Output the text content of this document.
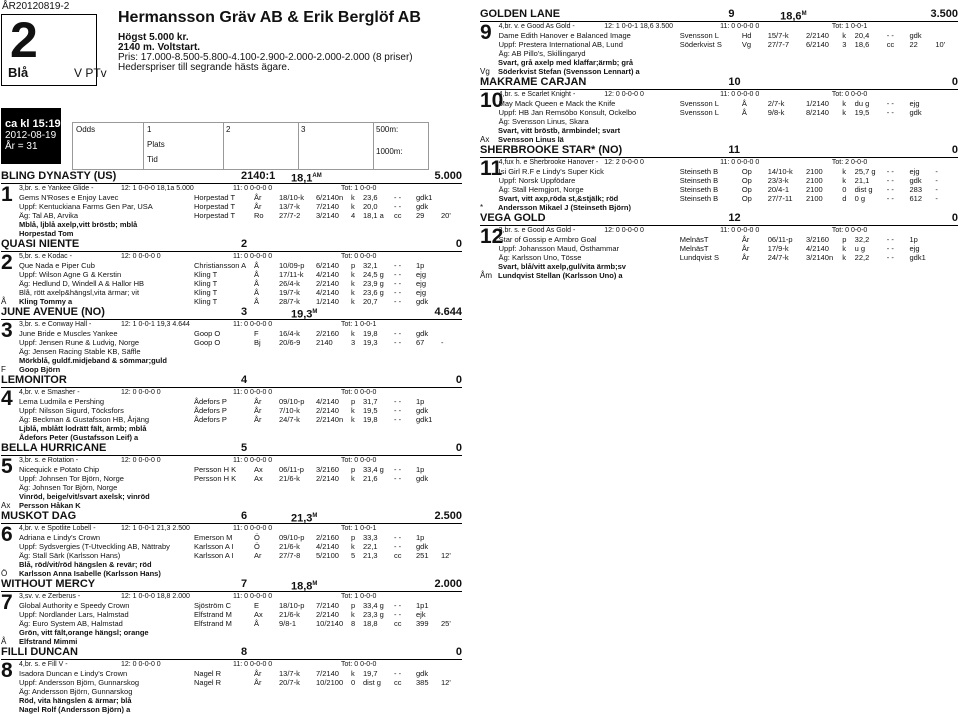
ÅR20120819-2
2
Blå	V PTv
Hermansson Gräv AB & Erik Berglöf AB
Högst 5.000 kr.
2140 m. Voltstart.
Pris: 17.000-8.500-5.800-4.100-2.900-2.000-2.000-2.000 (8 priser)
Hederspriser till segrande hästs ägare.
ca kl 15:19
2012-08-19
År = 31
Odds	1
Plats
Tid
2	3	500m:
1000m:
BLING DYNASTY (US)	2140:1 $18,1^{AM}$	5.000
3,br. s. e Yankee Glide -	12: 1 0-0-0 18,1a 5.000	11: 0 0-0-0 0	Tot: 1 0-0-0
1 Gems N'Roses e Enjoy Lavec	Horpestad T	År 18/10-k 6/2140n k 23,6 - - gdk1
Uppf: Kentuckiana Farms Gen Par, USA	Horpestad T	År 13/7-k 7/2140 k 20,0 - - gdk
Äg: Tal AB, Arvika	Horpestad T	Ro 27/7-2 3/2140 4 18,1 a cc 29 20'
Mblå, ljblå axelp,vitt bröstb; mblå
Horpestad Tom
QUASI NIENTE	2	0
5,br. s. e Kodac -	12: 0 0-0-0 0	11: 0 0-0-0 0	Tot: 0 0-0-0
2 Que Nada e Piper Cub	Christiansson A Å	10/09-p 6/2140 p 32,1 - - 1p
Uppf: Wilson Agne G & Kerstin	Kling T	Å	17/11-k 4/2140 k 24,5 g - - ejg
Äg: Hedlund D, Windell A & Hallor HB	Kling T	Å	26/4-k 2/2140 k 23,9 g - - ejg
Blå, rött axelp&hängsl,vita ärmar; vit	Kling T	Å	19/7-k 4/2140 k 23,6 g - - ejg
Kling Tommy a	Kling T	Å	28/7-k 1/2140 k 20,7 - - gdk
Å
JUNE AVENUE (NO)	3	$19,3^M$	4.644
3,br. s. e Conway Hall -	12: 1 0-0-1 19,3 4.644	11: 0 0-0-0 0	Tot: 1 0-0-1
3 June Bride e Muscles Yankee	Goop O	F	16/4-k 2/2160 k 19,8 - - gdk
Uppf: Jensen Rune & Ludvig, Norge	Goop O	Bj 20/6-9 2140 3 19,3 - - 67 -
Äg: Jensen Racing Stable KB, Säffle
Mörkblå, guldf.midjeband & sömmar;guld
Goop Björn
F
LEMONITOR	4	0
4,br. v. e Smasher -	12: 0 0-0-0 0	11: 0 0-0-0 0	Tot: 0 0-0-0
4 Lema Ludmila e Pershing	Ådefors P	År 09/10-p 4/2140 p 31,7 - - 1p
Uppf: Nilsson Sigurd, Töcksfors	Ådefors P	År 7/10-k 2/2140 k 19,5 - - gdk
Äg: Beckman & Gustafsson HB, Årjäng	Ådefors P	År 24/7-k 2/2140n k 19,8 - - gdk1
Ljblå, mblått lodrätt fält, ärmb; mblå
Ådefors Peter (Gustafsson Leif) a
BELLA HURRICANE	5	0
3,br. s. e Rotation -	12: 0 0-0-0 0	11: 0 0-0-0 0	Tot: 0 0-0-0
5 Nicequick e Potato Chip	Persson H K Ax 06/11-p 3/2160 p 33,4 g - - 1p
Uppf: Johnsen Tor Björn, Norge	Persson H K Ax 21/6-k 2/2140 k 21,6 - - gdk
Äg: Johnsen Tor Björn, Norge
Vinröd, beige/vit/svart axelsk; vinröd
Persson Håkan K
Ax
MUSKOT DAG	6	$21,3^M$	2.500
4,br. v. e Spotlite Lobell -	12: 1 0-0-1 21,3 2.500	11: 0 0-0-0 0	Tot: 1 0-0-1
6 Adriana e Lindy's Crown	Emerson M	Ö	09/10-p 2/2160 p 33,3 - - 1p
Uppf: Sydsvergies (T-Utveckling AB, Nättraby	Karlsson A I	Ö	21/6-k 4/2140 k 22,1 - - gdk
Äg: Stall Särk (Karlsson Hans)	Karlsson A I	Ar 27/7-8 5/2100 5 21,3 cc 251 12'
Blå, röd/vit/röd hängslen & revär; röd
Karlsson Anna Isabelle (Karlsson Hans)
Ö
WITHOUT MERCY	7	$18,8^M$	2.000
3,sv. v. e Zerberus -	12: 1 0-0-0 18,8 2.000	11: 0 0-0-0 0	Tot: 1 0-0-0
7 Global Authority e Speedy Crown	Sjöström C	E	18/10-p 7/2140 p 33,4 g - - 1p1
Uppf: Nordlander Lars, Halmstad	Elfstrand M	Ax 21/6-k 2/2140 k 23,3 g - - ejk
Äg: Euro System AB, Halmstad	Elfstrand M	Å	9/8-1	10/2140 8 18,8 cc 399 25'
Grön, vitt fält,orange hängsl; orange
Elfstrand Mimmi
Å
FILLI DUNCAN	8	0
4,br. s. e Fill V -	12: 0 0-0-0 0	11: 0 0-0-0 0	Tot: 0 0-0-0
8 Isadora Duncan e Lindy's Crown	Nagel R	År 13/7-k 7/2140 k 19,7 - - gdk
Uppf: Andersson Björn, Gunnarskog	Nagel R	År 20/7-k 10/2100 0 dist g cc 385 12'
Äg: Andersson Björn, Gunnarskog
Röd, vita hängslen & ärmar; blå
Nagel Rolf (Andersson Björn) a
GOLDEN LANE	9	$18,6^M$	3.500
4,br. v. e Good As Gold -	12: 1 0-0-1 18,6 3.500	11: 0 0-0-0 0	Tot: 1 0-0-1
9 Dame Edith Hanover e Balanced Image	Svensson L	Hd 15/7-k 2/2140 k 20,4 - - gdk
Uppf: Prestera International AB, Lund	Söderkvist S	Vg 27/7-7 6/2140 3 18,6 cc 22 10'
Äg: AB Pillo's, Skillingaryd
Svart, grå axelp med klaffar;ärmb; grå
Söderkvist Stefan (Svensson Lennart) a
Vg
MAKRAME CARJAN	10	0
4,br. s. e Scarlet Knight -	12: 0 0-0-0 0	11: 0 0-0-0 0	Tot: 0 0-0-0
10
May Mack Queen e Mack the Knife	Svensson L	Å	2/7-k	1/2140 k du g - - ejg
Uppf: HB Jan Remsöbo Konsult, Ockelbo	Svensson L	Å	9/8-k	8/2140 k 19,5 - - gdk
Äg: Svensson Linus, Skara
Svart, vitt bröstb, ärmbindel; svart
Svensson Linus lä
Ax
SHERBROOKE STAR* (NO)	11	0
4,fux h. e Sherbrooke Hanover - 12: 2 0-0-0 0	11: 0 0-0-0 0	Tot: 2 0-0-0
11
Isi Girl R.F e Lindy's Super Kick	Steinseth B	Op 14/10-k 2100	k 25,7 g - - ejg -
Uppf: Norsk Uppfödare	Steinseth B	Op 23/3-k 2100	k 21,1 - - gdk -
Äg: Stall Hemgjort, Norge	Steinseth B	Op 20/4-1 2100	0 dist g - - 283 -
Svart, vitt axp,röda st,&stjälk; röd	Steinseth B	Op 27/7-11 2100	d 0 g	- - 612 -
Andersson Mikael J (Steinseth Björn)
*
VEGA GOLD	12	0
3,br. s. e Good As Gold -	12: 0 0-0-0 0	11: 0 0-0-0 0	Tot: 0 0-0-0
12
Star of Gossip e Armbro Goal	MelnäsT	År 06/11-p 3/2160 p 32,2 - - 1p
Uppf: Johansson Maud, Östhammar	MelnäsT	År 17/9-k 4/2140 k u g	- - ejg
Äg: Karlsson Uno, Tösse	Lundqvist S	År 24/7-k 3/2140n k 22,2 - - gdk1
Svart, blå/vitt axelp,gul/vita ärmb;sv
Lundqvist Stellan (Karlsson Uno) a
Åm
